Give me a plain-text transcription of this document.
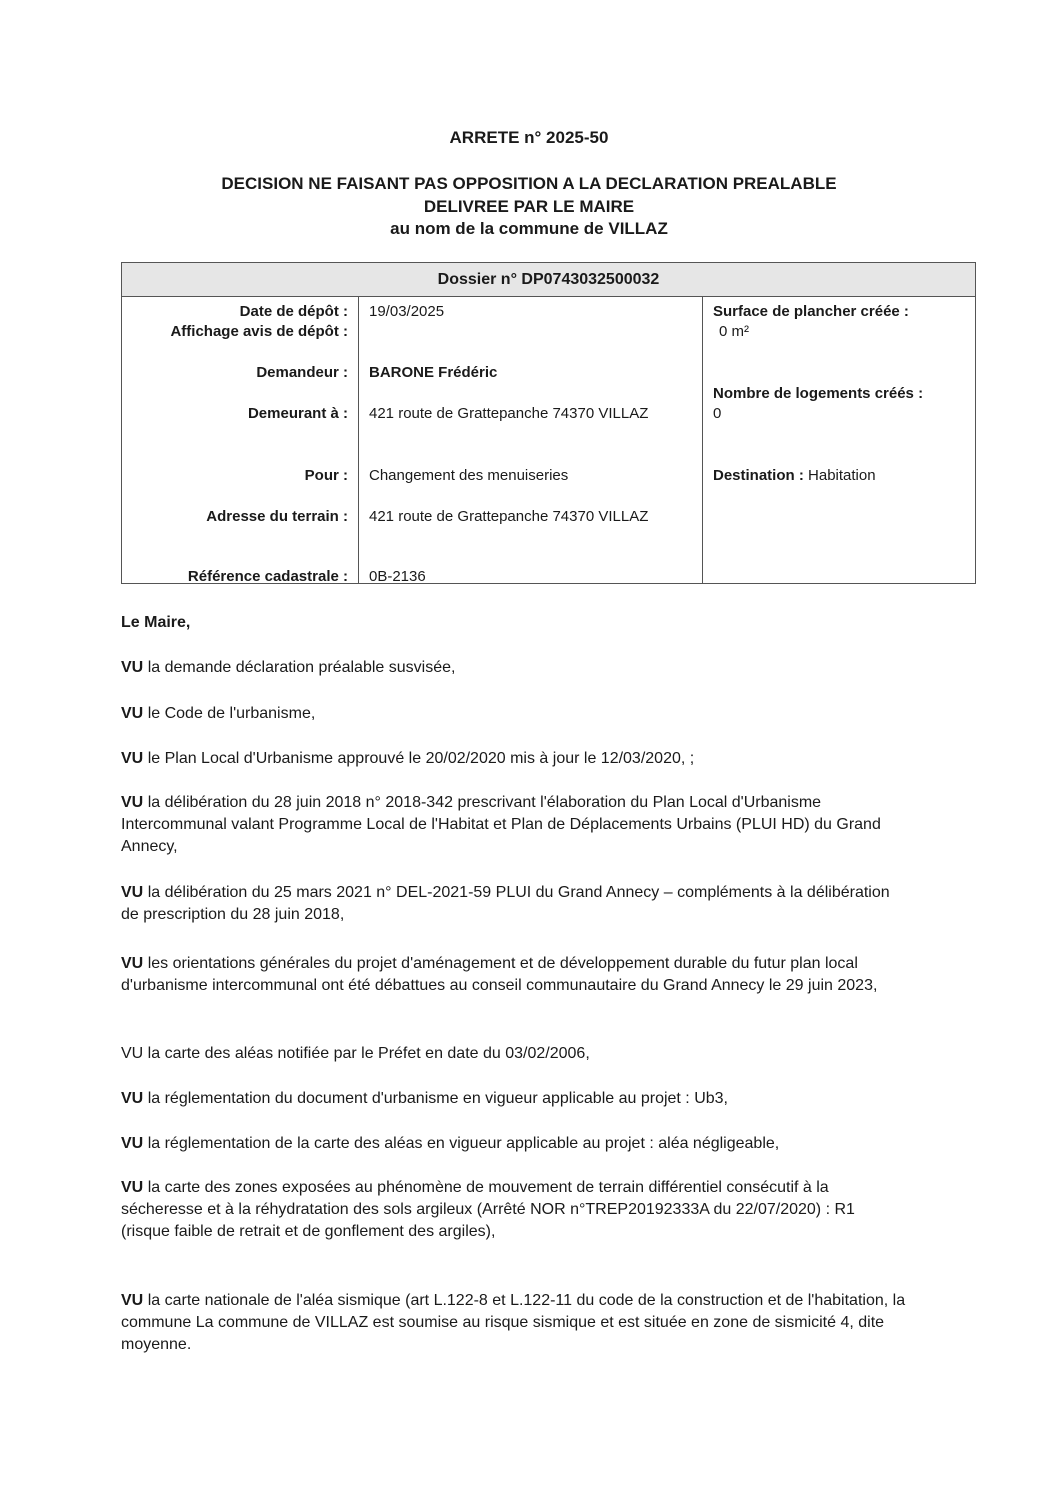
ARRETE n° 2025-50
DECISION NE FAISANT PAS OPPOSITION A LA DECLARATION PREALABLE
DELIVREE PAR LE MAIRE
au nom de la commune de VILLAZ
Dossier n° DP0743032500032
Date de dépôt :
Affichage avis de dépôt :
19/03/2025
Demandeur : BARONE Frédéric
Demeurant à : 421 route de Grattepanche 74370 VILLAZ
Pour : Changement des menuiseries
Adresse du terrain : 421 route de Grattepanche 74370 VILLAZ
Référence cadastrale : 0B-2136
Surface de plancher créée :
0 m²
Nombre de logements créés :
0
Destination : Habitation
Le Maire,
VU la demande déclaration préalable susvisée,
VU le Code de l'urbanisme,
VU le Plan Local d'Urbanisme approuvé le 20/02/2020 mis à jour le 12/03/2020, ;
VU la délibération du 28 juin 2018 n° 2018-342 prescrivant l'élaboration du Plan Local d'Urbanisme Intercommunal valant Programme Local de l'Habitat et Plan de Déplacements Urbains (PLUI HD) du Grand Annecy,
VU la délibération du 25 mars 2021 n° DEL-2021-59 PLUI du Grand Annecy – compléments à la délibération de prescription du 28 juin 2018,
VU les orientations générales du projet d'aménagement et de développement durable du futur plan local d'urbanisme intercommunal ont été débattues au conseil communautaire du Grand Annecy le 29 juin 2023,
VU la carte des aléas notifiée par le Préfet en date du 03/02/2006,
VU la réglementation du document d'urbanisme en vigueur applicable au projet : Ub3,
VU la réglementation de la carte des aléas en vigueur applicable au projet : aléa négligeable,
VU la carte des zones exposées au phénomène de mouvement de terrain différentiel consécutif à la sécheresse et à la réhydratation des sols argileux (Arrêté NOR n°TREP20192333A du 22/07/2020) : R1 (risque faible de retrait et de gonflement des argiles),
VU la carte nationale de l'aléa sismique (art L.122-8 et L.122-11 du code de la construction et de l'habitation, la commune La commune de VILLAZ est soumise au risque sismique et est située en zone de sismicité 4, dite moyenne.
